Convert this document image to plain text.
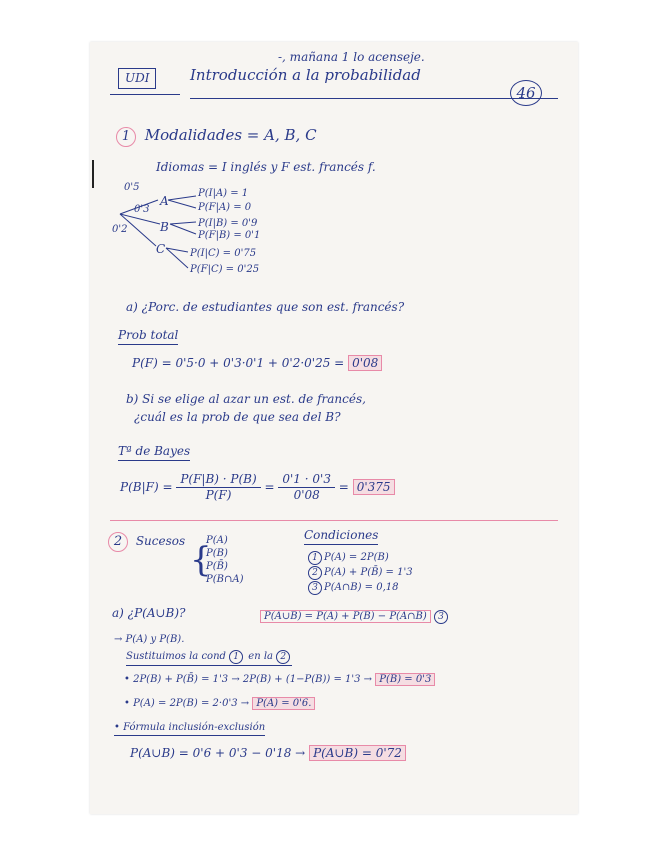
-, mañana 1 lo acenseje.
UDI	Introducción a la probabilidad
46
1 Modalidades = A, B, C
Idiomas = I inglés y F est. francés f.
0'5
0'3
0'2
A
B
C
P(I|A) = 1
P(F|A) = 0
P(I|B) = 0'9
P(F|B) = 0'1
P(I|C) = 0'75
P(F|C) = 0'25
a) ¿Porc. de estudiantes que son est. francés?
Prob total
P(F) = 0'5·0 + 0'3·0'1 + 0'2·0'25 = 0'08
b) Si se elige al azar un est. de francés,
¿cuál es la prob de que sea del B?
Tª de Bayes
$P(B|F) = \frac{P(F|B) \cdot P(B)}{P(F)} = \frac{0'1 \cdot 0'3}{0'08} = 0'375$
2 Sucesos {
P(A)
P(B)
P(B̄)
P(B∩A)
Condiciones
1 P(A) = 2P(B)
2 P(A) + P(B̄) = 1'3
3 P(A∩B) = 0,18
a) ¿P(A∪B)?	P(A∪B) = P(A) + P(B) − P(A∩B) 3
→ P(A) y P(B).
Sustituimos la cond 1 en la 2
• 2P(B) + P(B̄) = 1'3 → 2P(B) + (1−P(B)) = 1'3 → P(B) = 0'3
• P(A) = 2P(B) = 2·0'3 → P(A) = 0'6.
• Fórmula inclusión-exclusión
P(A∪B) = 0'6 + 0'3 − 0'18 → P(A∪B) = 0'72
